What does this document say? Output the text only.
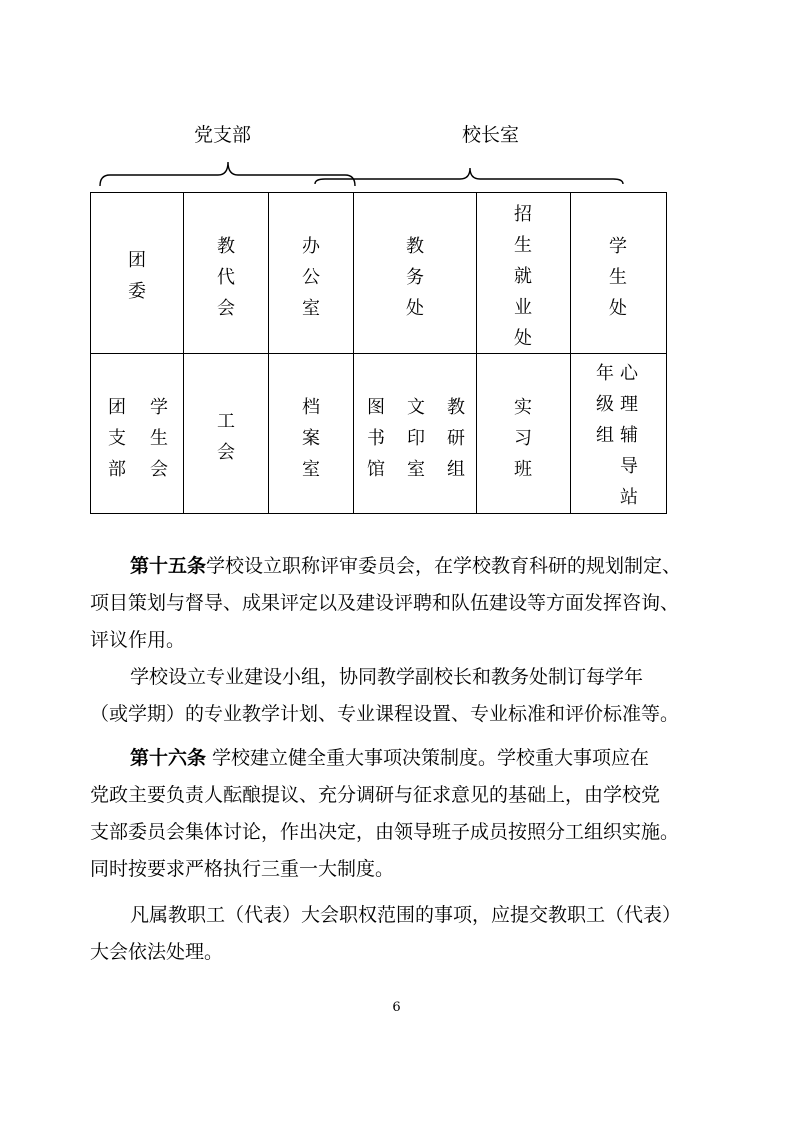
党支部	校长室
团委	教代会	办公室	教务处	招生就业处	学生处

团支部学生会	工会	档案室	图书馆文印室教研组	实习班	年级组心理辅导站

第十五条学校设立职称评审委员会，在学校教育科研的规划制定、

项目策划与督导、成果评定以及建设评聘和队伍建设等方面发挥咨询、

评议作用。

学校设立专业建设小组，协同教学副校长和教务处制订每学年

（或学期）的专业教学计划、专业课程设置、专业标准和评价标准等。

第十六条 学校建立健全重大事项决策制度。学校重大事项应在

党政主要负责人酝酿提议、充分调研与征求意见的基础上，由学校党

支部委员会集体讨论，作出决定，由领导班子成员按照分工组织实施。

同时按要求严格执行三重一大制度。

凡属教职工（代表）大会职权范围的事项，应提交教职工（代表）

大会依法处理。

6
